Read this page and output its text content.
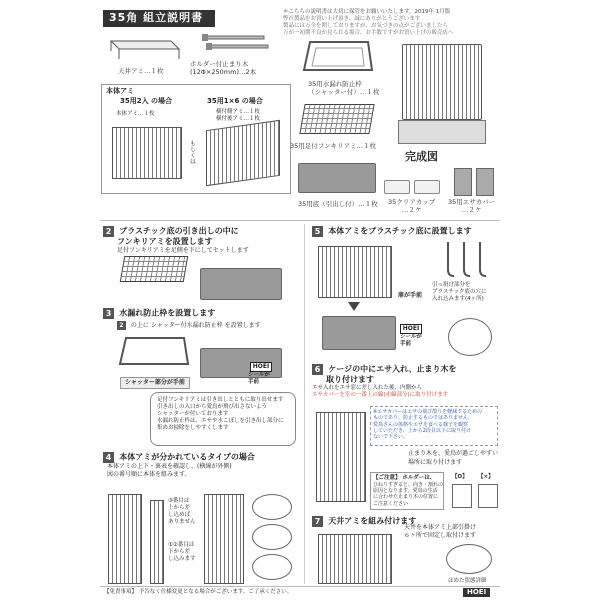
35角 組立説明書	＊こちらの説明書は大切に保管をお願いいたします。2019年 1月版
弊社製品をお買い上げ頂き、誠にありがとうございます
製品には万全を期しておりますが、お気づきの点がございましたら
万が一初期不良が見られる場合、お手数ですがお買い上げの販売店へ
天井アミ…１枚
ホルダー付止まり木
(12Φ×250mm)…2本
本体アミ
35用2入 の場合	35用1×6 の場合
本体アミ…１枚	横付側アミ…１枚
横付後アミ…１枚
もしくは
35用水漏れ防止枠
（シャッター付）…１枚
35用足付フンキリアミ…１枚
35用底（引出し付）…１枚 35クリアカップ
…２ケ
35用エサカバー
…２ケ
完成図
2 プラスチック底の引き出しの中に
フンキリアミを設置します
足付フンキリアミを足側を下にしてセットします
3 水漏れ防止枠を設置します
2 の上に シャッター付水漏れ防止枠 を設置します
シャッター部分が手前
HOEI
シールが
手前
足付フンキリアミは引き出しとともに取り出せます
引き出しの入口から愛鳥が飛び出さないよう
シャッターが付いております
水漏れ防止枠は、エサや水こぼしを引き出し部分に
集めお掃除をしやすくします
4 本体アミが分かれているタイプの場合
本体アミの上下・裏表を確認し、(横線が外側)
図の番号順に本体を組みます。
③番目は
上から差
し込めば
ありません
①②番目は
下から差
し込みます
5 本体アミをプラスチック底に設置します
扉が手前
HOEI
シールが
手前
引っ掛け部分を
プラスチック底の穴に
入れ込みます(4ヶ所)
6 ケージの中にエサ入れ、止まり木を
取り付けます
エサ入れをエサ窓に差し入れた後、内側から
エサカバーを室の一番上の線(赤線部分)に取り付けます
※エサカバーはエサの飛び散りを軽減するための
ものであり、防止するものではありません。
愛鳥さんの体格やエサを食べる様子を観察
していただき、上から2段目以下に取り付け
ないで下さい。
止まり木を、愛鳥が過ごしやすい
場所に取り付けます
【ご注意】 ホルダーは、
ひねりすぎると、向き・割れの
原因となります。愛鳥の生活
に合わせた止まり木の位置に
ご注意ください
【O】 【×】
7 天井アミを組み付けます
天井を本体アミ上部引掛け
６ヶ所で固定し取付けます
はめた状態詳細
【免責事項】 予告なく仕様変更となる場合がございます。ご了承ください。	HOEI
